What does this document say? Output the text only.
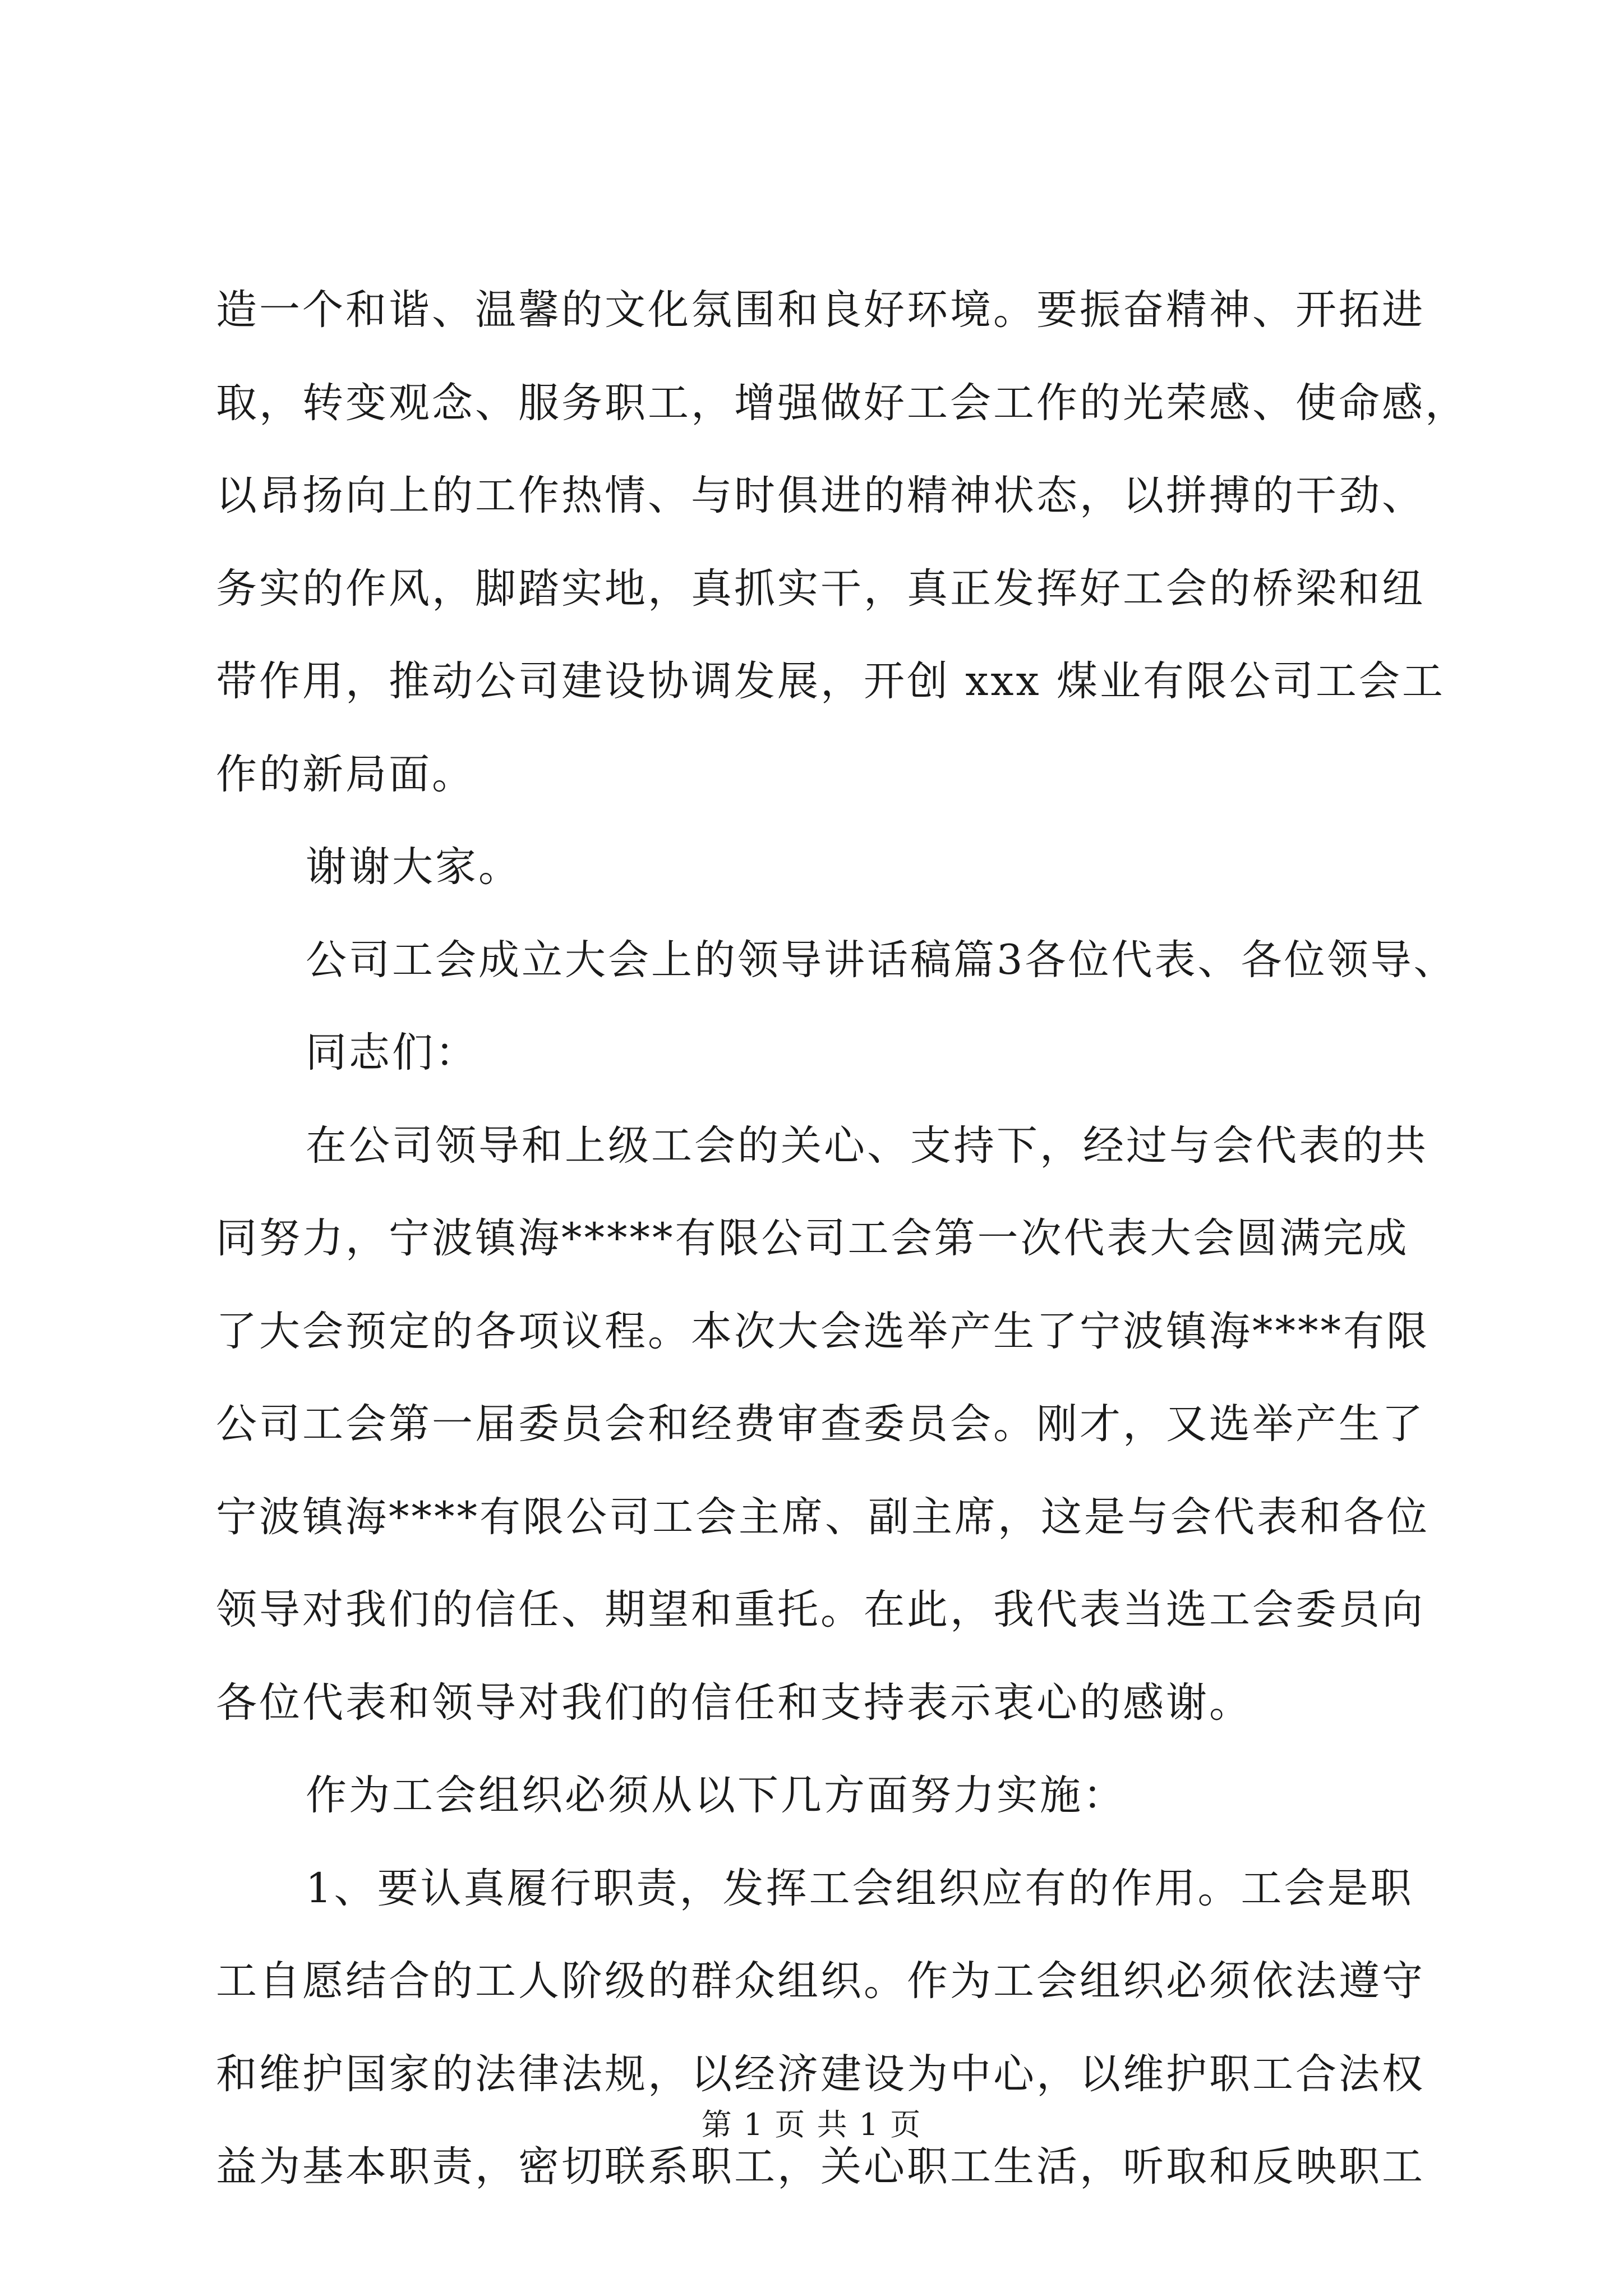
造一个和谐、温馨的文化氛围和良好环境。要振奋精神、开拓进
取，转变观念、服务职工，增强做好工会工作的光荣感、使命感，
以昂扬向上的工作热情、与时俱进的精神状态，以拼搏的干劲、
务实的作风，脚踏实地，真抓实干，真正发挥好工会的桥梁和纽
带作用，推动公司建设协调发展，开创 xxx 煤业有限公司工会工
作的新局面。
谢谢大家。
公司工会成立大会上的领导讲话稿篇3各位代表、各位领导、
同志们：
在公司领导和上级工会的关心、支持下，经过与会代表的共
同努力，宁波镇海*****有限公司工会第一次代表大会圆满完成
了大会预定的各项议程。本次大会选举产生了宁波镇海****有限
公司工会第一届委员会和经费审查委员会。刚才，又选举产生了
宁波镇海****有限公司工会主席、副主席，这是与会代表和各位
领导对我们的信任、期望和重托。在此，我代表当选工会委员向
各位代表和领导对我们的信任和支持表示衷心的感谢。
作为工会组织必须从以下几方面努力实施：
1、要认真履行职责，发挥工会组织应有的作用。工会是职
工自愿结合的工人阶级的群众组织。作为工会组织必须依法遵守
和维护国家的法律法规，以经济建设为中心，以维护职工合法权
益为基本职责，密切联系职工，关心职工生活，听取和反映职工
第 1 页 共 1 页
